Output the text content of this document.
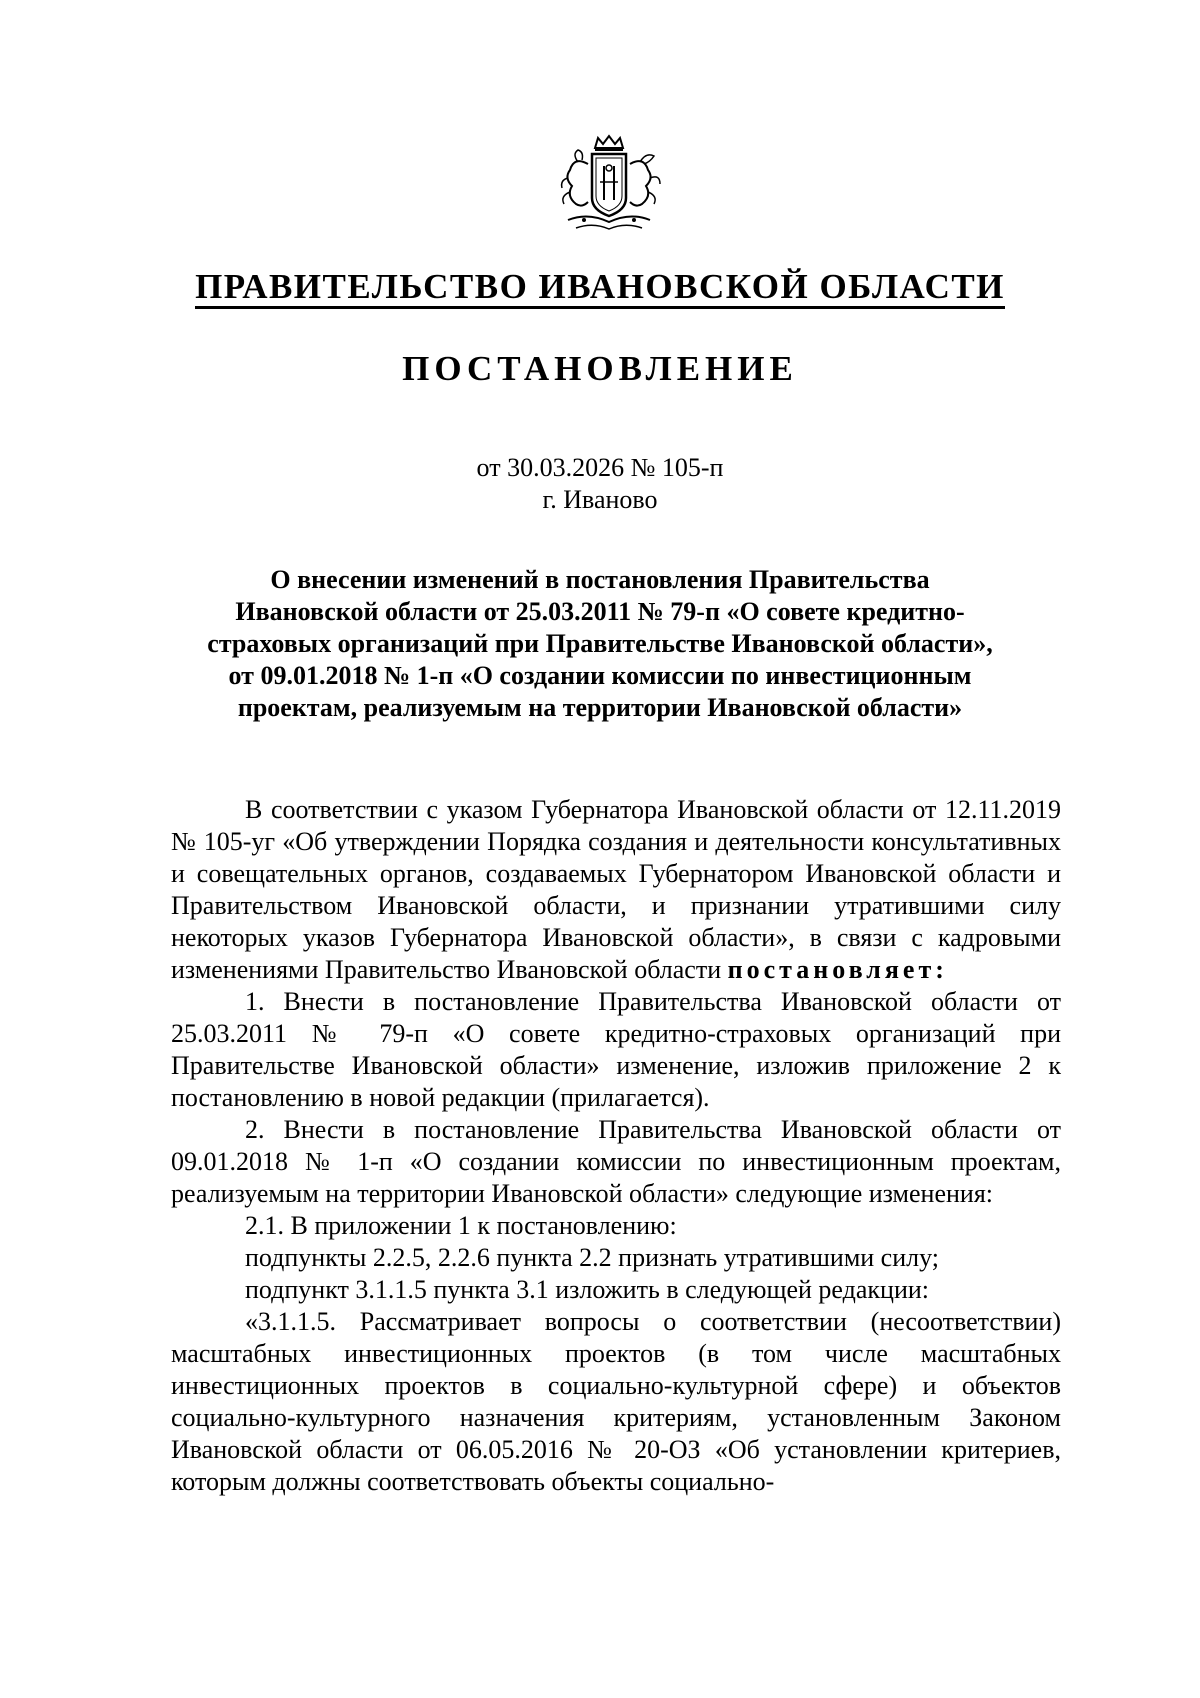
ПРАВИТЕЛЬСТВО ИВАНОВСКОЙ ОБЛАСТИ
ПОСТАНОВЛЕНИЕ
от 30.03.2026 № 105-п
г. Иваново
О внесении изменений в постановления Правительства
Ивановской области от 25.03.2011 № 79-п «О совете кредитно-
страховых организаций при Правительстве Ивановской области»,
от 09.01.2018 № 1-п «О создании комиссии по инвестиционным
проектам, реализуемым на территории Ивановской области»

В соответствии с указом Губернатора Ивановской области от 12.11.2019 № 105-уг «Об утверждении Порядка создания и деятельности консультативных и совещательных органов, создаваемых Губернатором Ивановской области и Правительством Ивановской области, и признании утратившими силу некоторых указов Губернатора Ивановской области», в связи с кадровыми изменениями Правительство Ивановской области постановляет:

1. Внести в постановление Правительства Ивановской области от 25.03.2011 № 79-п «О совете кредитно-страховых организаций при Правительстве Ивановской области» изменение, изложив приложение 2 к постановлению в новой редакции (прилагается).

2. Внести в постановление Правительства Ивановской области от 09.01.2018 № 1-п «О создании комиссии по инвестиционным проектам, реализуемым на территории Ивановской области» следующие изменения:

2.1. В приложении 1 к постановлению:

подпункты 2.2.5, 2.2.6 пункта 2.2 признать утратившими силу;

подпункт 3.1.1.5 пункта 3.1 изложить в следующей редакции:

«3.1.1.5. Рассматривает вопросы о соответствии (несоответствии) масштабных инвестиционных проектов (в том числе масштабных инвестиционных проектов в социально-культурной сфере) и объектов социально-культурного назначения критериям, установленным Законом Ивановской области от 06.05.2016 № 20-ОЗ «Об установлении критериев, которым должны соответствовать объекты социально-
